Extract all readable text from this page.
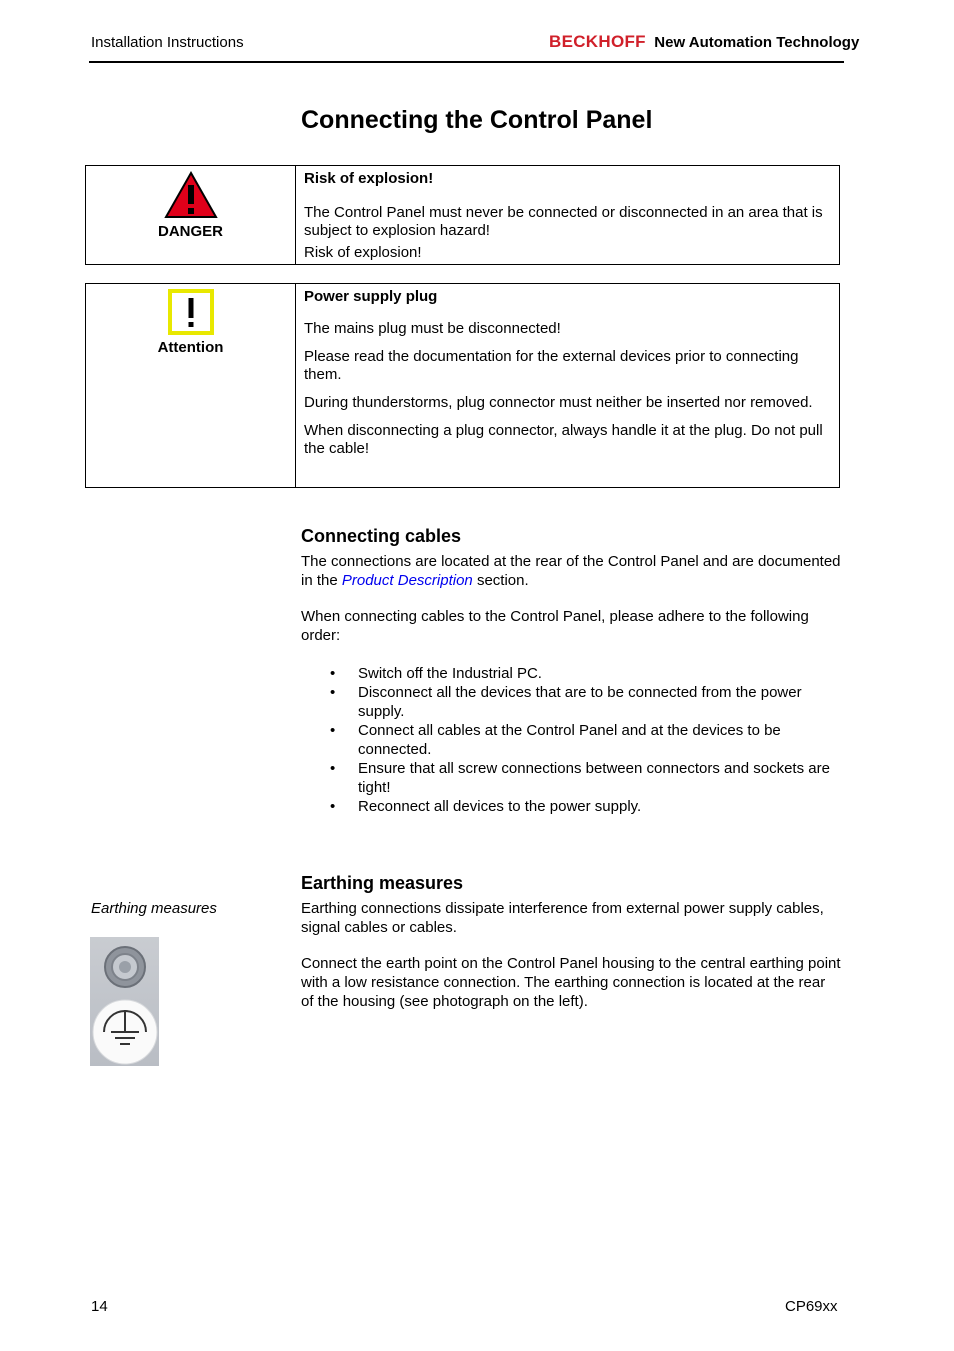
Installation Instructions	BECKHOFF New Automation Technology
Connecting the Control Panel
DANGER
Risk of explosion!

The Control Panel must never be connected or disconnected in an area that is subject to explosion hazard!

Risk of explosion!

Attention
Power supply plug

The mains plug must be disconnected!

Please read the documentation for the external devices prior to connecting them.

During thunderstorms, plug connector must neither be inserted nor removed.

When disconnecting a plug connector, always handle it at the plug. Do not pull the cable!

Connecting cables

The connections are located at the rear of the Control Panel and are documented in the Product Description section.

When connecting cables to the Control Panel, please adhere to the following order:

• Switch off the Industrial PC.
• Disconnect all the devices that are to be connected from the power supply.
• Connect all cables at the Control Panel and at the devices to be connected.
• Ensure that all screw connections between connectors and sockets are tight!
• Reconnect all devices to the power supply.
Earthing measures
Earthing measures	Earthing connections dissipate interference from external power supply cables, signal cables or cables.

Connect the earth point on the Control Panel housing to the central earthing point with a low resistance connection. The earthing connection is located at the rear of the housing (see photograph on the left).

14	CP69xx
